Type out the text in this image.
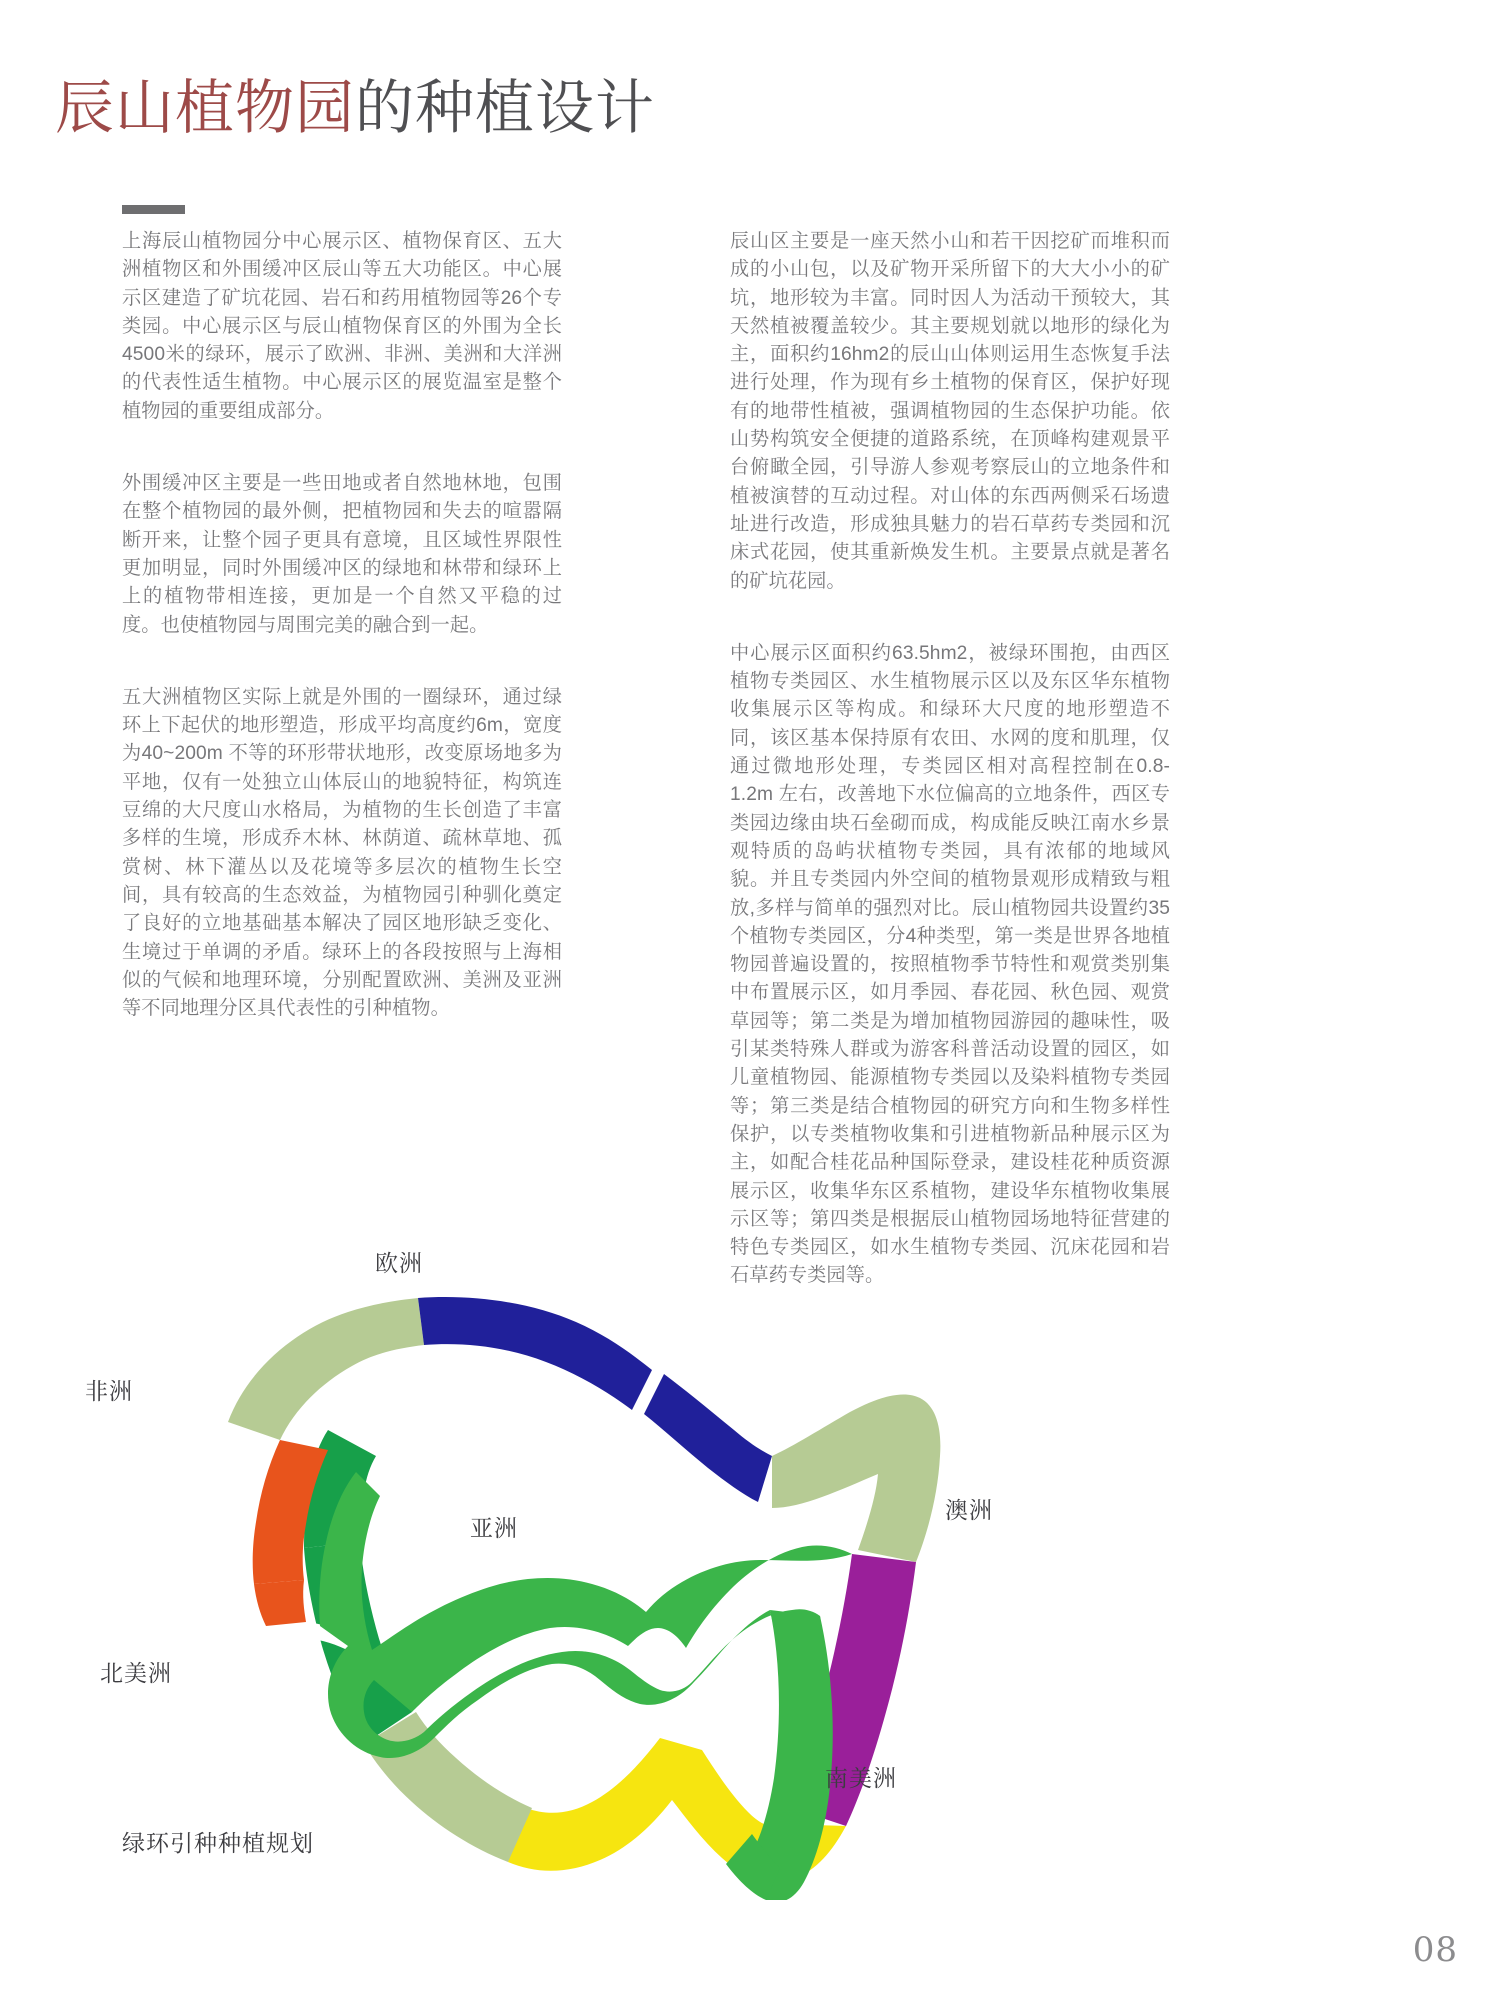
辰山植物园的种植设计

上海辰山植物园分中心展示区、植物保育区、五大洲植物区和外围缓冲区辰山等五大功能区。中心展示区建造了矿坑花园、岩石和药用植物园等26个专类园。中心展示区与辰山植物保育区的外围为全长4500米的绿环，展示了欧洲、非洲、美洲和大洋洲的代表性适生植物。中心展示区的展览温室是整个植物园的重要组成部分。

外围缓冲区主要是一些田地或者自然地林地，包围在整个植物园的最外侧，把植物园和失去的喧嚣隔断开来，让整个园子更具有意境，且区域性界限性更加明显，同时外围缓冲区的绿地和林带和绿环上上的植物带相连接，更加是一个自然又平稳的过度。也使植物园与周围完美的融合到一起。

五大洲植物区实际上就是外围的一圈绿环，通过绿环上下起伏的地形塑造，形成平均高度约6m，宽度为40~200m 不等的环形带状地形，改变原场地多为平地，仅有一处独立山体辰山的地貌特征，构筑连豆绵的大尺度山水格局，为植物的生长创造了丰富多样的生境，形成乔木林、林荫道、疏林草地、孤赏树、林下灌丛以及花境等多层次的植物生长空间，具有较高的生态效益，为植物园引种驯化奠定了良好的立地基础基本解决了园区地形缺乏变化、生境过于单调的矛盾。绿环上的各段按照与上海相似的气候和地理环境，分别配置欧洲、美洲及亚洲等不同地理分区具代表性的引种植物。

辰山区主要是一座天然小山和若干因挖矿而堆积而成的小山包，以及矿物开采所留下的大大小小的矿坑，地形较为丰富。同时因人为活动干预较大，其天然植被覆盖较少。其主要规划就以地形的绿化为主，面积约16hm2的辰山山体则运用生态恢复手法进行处理，作为现有乡土植物的保育区，保护好现有的地带性植被，强调植物园的生态保护功能。依山势构筑安全便捷的道路系统，在顶峰构建观景平台俯瞰全园，引导游人参观考察辰山的立地条件和植被演替的互动过程。对山体的东西两侧采石场遗址进行改造，形成独具魅力的岩石草药专类园和沉床式花园，使其重新焕发生机。主要景点就是著名的矿坑花园。

中心展示区面积约63.5hm2，被绿环围抱，由西区植物专类园区、水生植物展示区以及东区华东植物收集展示区等构成。和绿环大尺度的地形塑造不同，该区基本保持原有农田、水网的度和肌理，仅通过微地形处理，专类园区相对高程控制在0.8-1.2m 左右，改善地下水位偏高的立地条件，西区专类园边缘由块石垒砌而成，构成能反映江南水乡景观特质的岛屿状植物专类园，具有浓郁的地域风貌。并且专类园内外空间的植物景观形成精致与粗放,多样与简单的强烈对比。辰山植物园共设置约35 个植物专类园区，分4种类型，第一类是世界各地植物园普遍设置的，按照植物季节特性和观赏类别集中布置展示区，如月季园、春花园、秋色园、观赏草园等；第二类是为增加植物园游园的趣味性，吸引某类特殊人群或为游客科普活动设置的园区，如儿童植物园、能源植物专类园以及染料植物专类园等；第三类是结合植物园的研究方向和生物多样性保护，以专类植物收集和引进植物新品种展示区为主，如配合桂花品种国际登录，建设桂花种质资源展示区，收集华东区系植物，建设华东植物收集展示区等；第四类是根据辰山植物园场地特征营建的特色专类园区，如水生植物专类园、沉床花园和岩石草药专类园等。

欧洲
非洲
北美洲
亚洲
澳洲
南美洲
绿环引种种植规划
08
